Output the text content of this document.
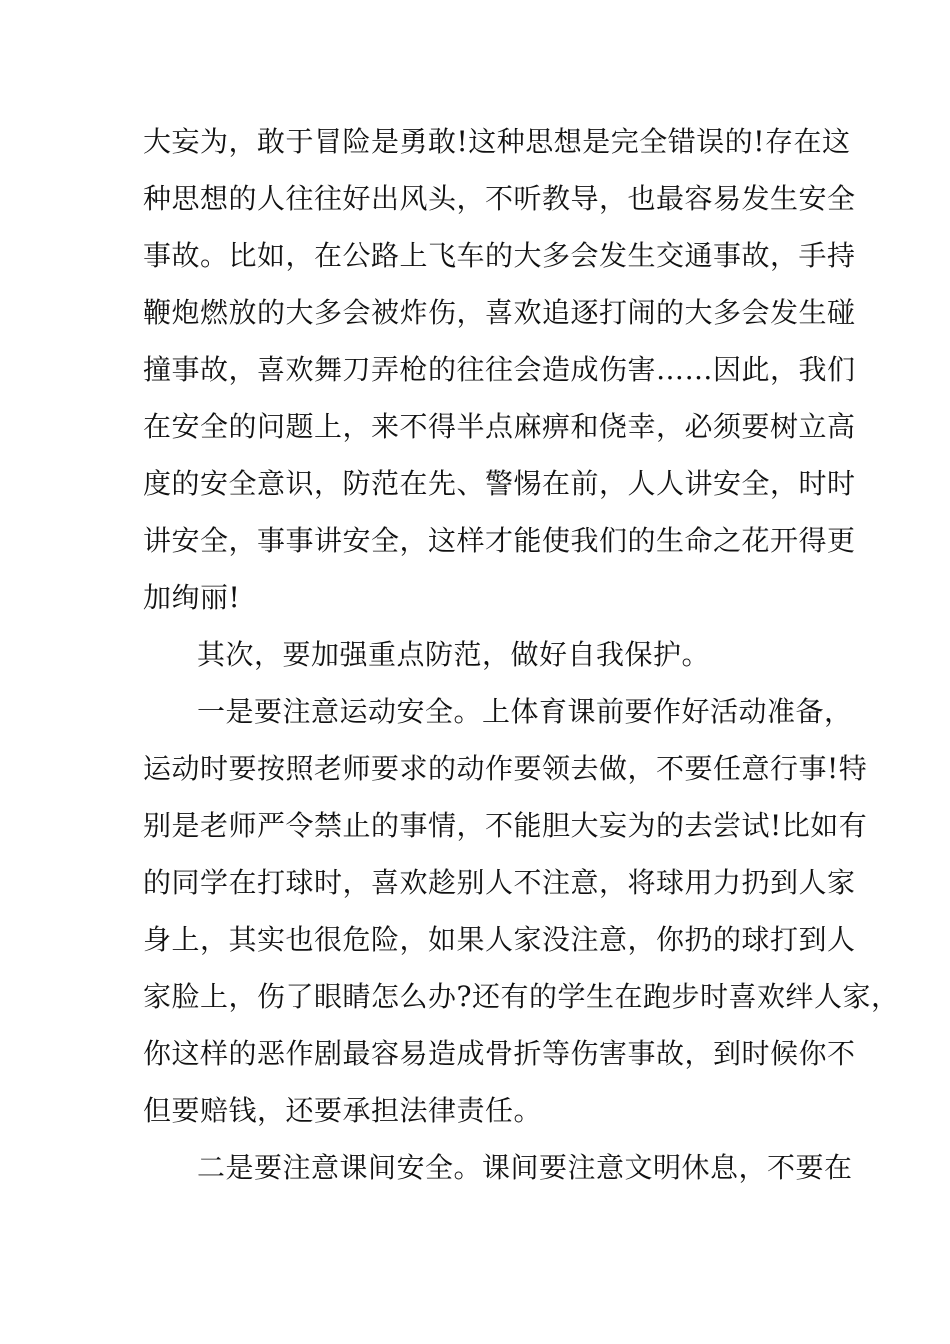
大妄为，敢于冒险是勇敢!这种思想是完全错误的!存在这
种思想的人往往好出风头，不听教导，也最容易发生安全
事故。比如，在公路上飞车的大多会发生交通事故，手持
鞭炮燃放的大多会被炸伤，喜欢追逐打闹的大多会发生碰
撞事故，喜欢舞刀弄枪的往往会造成伤害……因此，我们
在安全的问题上，来不得半点麻痹和侥幸，必须要树立高
度的安全意识，防范在先、警惕在前，人人讲安全，时时
讲安全，事事讲安全，这样才能使我们的生命之花开得更
加绚丽!
其次，要加强重点防范，做好自我保护。
一是要注意运动安全。上体育课前要作好活动准备，
运动时要按照老师要求的动作要领去做，不要任意行事!特
别是老师严令禁止的事情，不能胆大妄为的去尝试!比如有
的同学在打球时，喜欢趁别人不注意，将球用力扔到人家
身上，其实也很危险，如果人家没注意，你扔的球打到人
家脸上，伤了眼睛怎么办?还有的学生在跑步时喜欢绊人家，
你这样的恶作剧最容易造成骨折等伤害事故，到时候你不
但要赔钱，还要承担法律责任。
二是要注意课间安全。课间要注意文明休息，不要在
